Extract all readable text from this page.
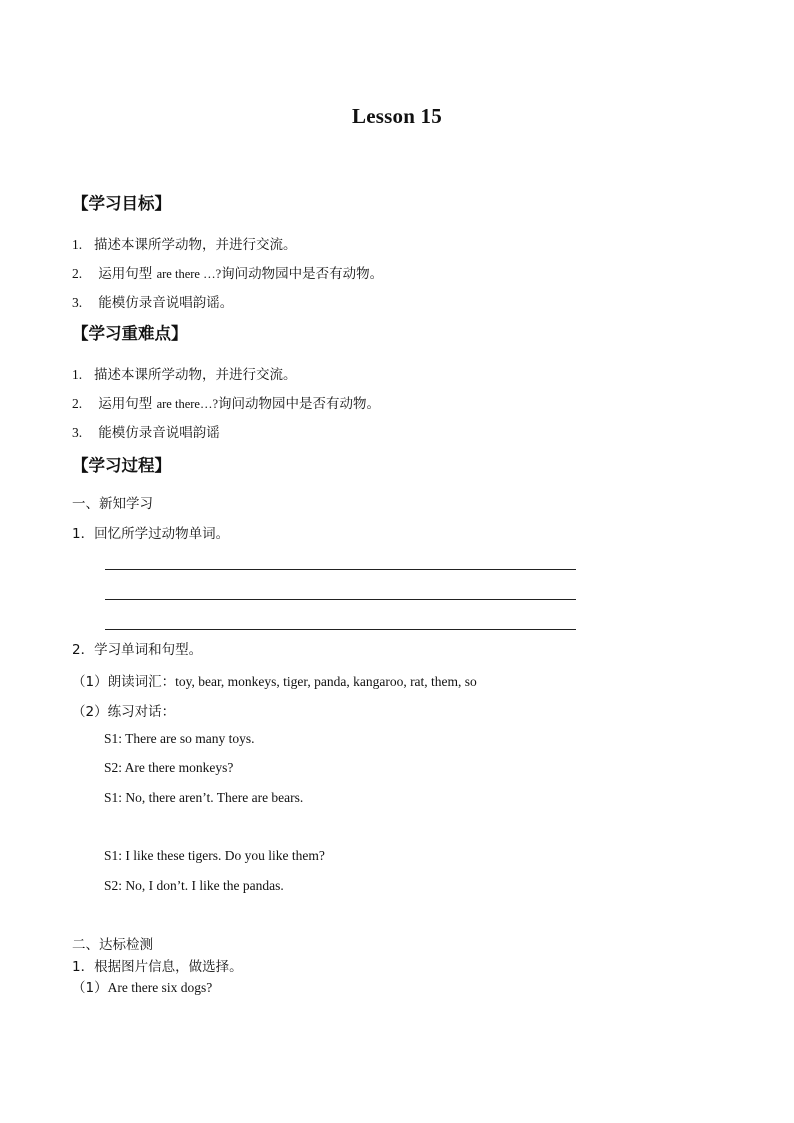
Lesson 15
【学习目标】
1. 描述本课所学动物，并进行交流。
2. 运用句型 are there …?询问动物园中是否有动物。
3. 能模仿录音说唱韵谣。
【学习重难点】
1. 描述本课所学动物，并进行交流。
2. 运用句型 are there…?询问动物园中是否有动物。
3. 能模仿录音说唱韵谣
【学习过程】
一、新知学习
1．回忆所学过动物单词。
2．学习单词和句型。
（1）朗读词汇：toy, bear, monkeys, tiger, panda, kangaroo, rat, them, so
（2）练习对话：
S1: There are so many toys.
S2: Are there monkeys?
S1: No, there aren’t. There are bears.
S1: I like these tigers. Do you like them?
S2: No, I don’t. I like the pandas.
二、达标检测
1．根据图片信息，做选择。
（1）Are there six dogs?
